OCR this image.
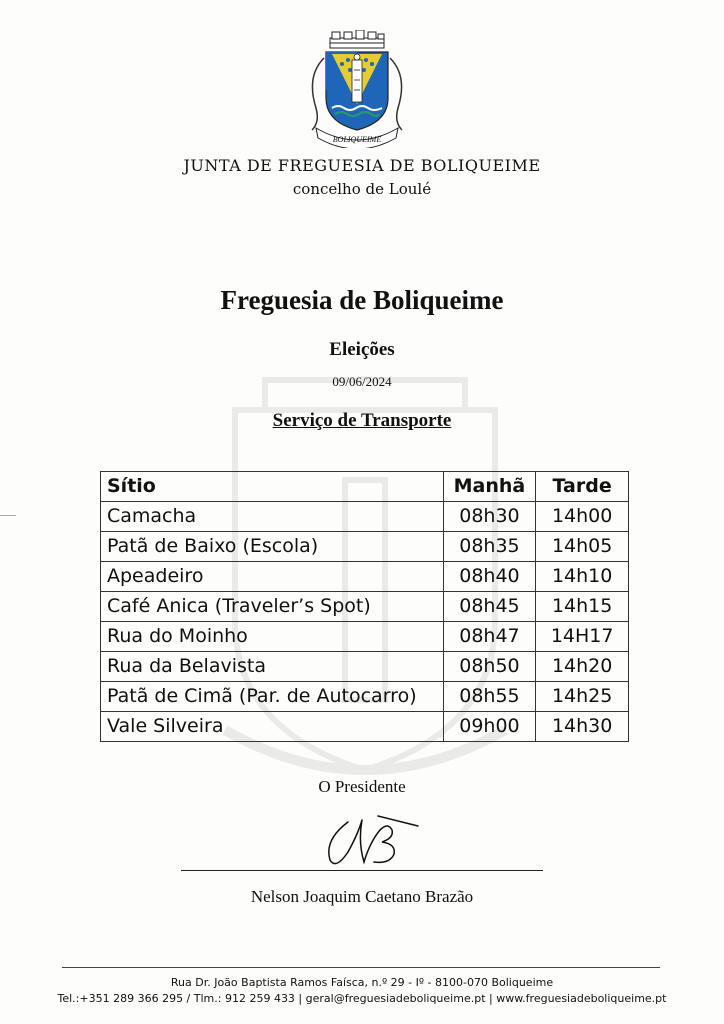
BOLIQUEIME
JUNTA DE FREGUESIA DE BOLIQUEIME
concelho de Loulé
Freguesia de Boliqueime
Eleições
09/06/2024
Serviço de Transporte
Sítio	Manhã	Tarde
Camacha	08h30	14h00
Patã de Baixo (Escola)	08h35	14h05
Apeadeiro	08h40	14h10
Café Anica (Traveler’s Spot)	08h45	14h15
Rua do Moinho	08h47	14H17
Rua da Belavista	08h50	14h20
Patã de Cimã (Par. de Autocarro)	08h55	14h25
Vale Silveira	09h00	14h30
O Presidente
Nelson Joaquim Caetano Brazão
Rua Dr. João Baptista Ramos Faísca, n.º 29 - Iº - 8100-070 Boliqueime
Tel.:+351 289 366 295 / Tlm.: 912 259 433 | geral@freguesiadeboliqueime.pt | www.freguesiadeboliqueime.pt
